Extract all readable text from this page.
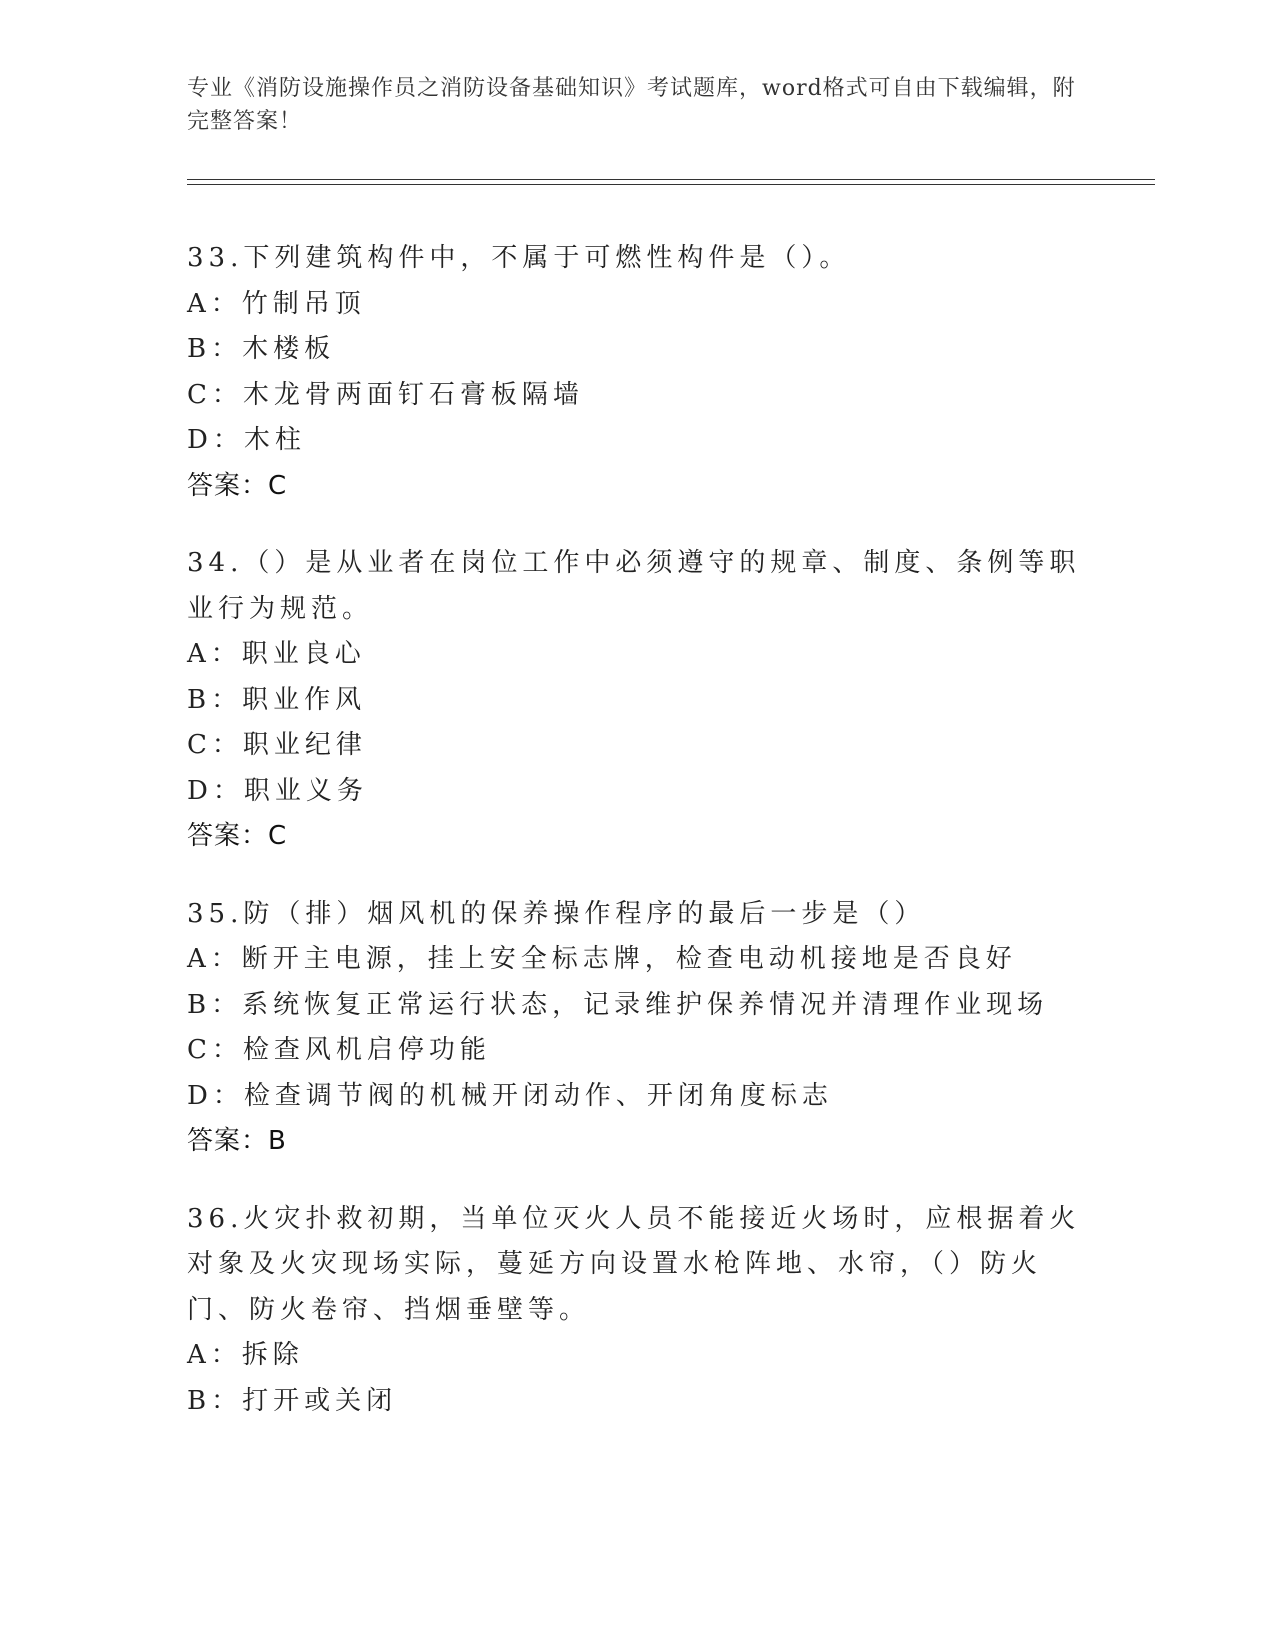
专业《消防设施操作员之消防设备基础知识》考试题库，word格式可自由下载编辑，附完整答案！

33.下列建筑构件中，不属于可燃性构件是（）。

A：竹制吊顶

B：木楼板

C：木龙骨两面钉石膏板隔墙

D：木柱

答案：C

34.（）是从业者在岗位工作中必须遵守的规章、制度、条例等职业行为规范。

A：职业良心

B：职业作风

C：职业纪律

D：职业义务

答案：C

35.防（排）烟风机的保养操作程序的最后一步是（）

A：断开主电源，挂上安全标志牌，检查电动机接地是否良好

B：系统恢复正常运行状态，记录维护保养情况并清理作业现场

C：检查风机启停功能

D：检查调节阀的机械开闭动作、开闭角度标志

答案：B

36.火灾扑救初期，当单位灭火人员不能接近火场时，应根据着火对象及火灾现场实际，蔓延方向设置水枪阵地、水帘，（）防火门、防火卷帘、挡烟垂壁等。

A：拆除

B：打开或关闭
